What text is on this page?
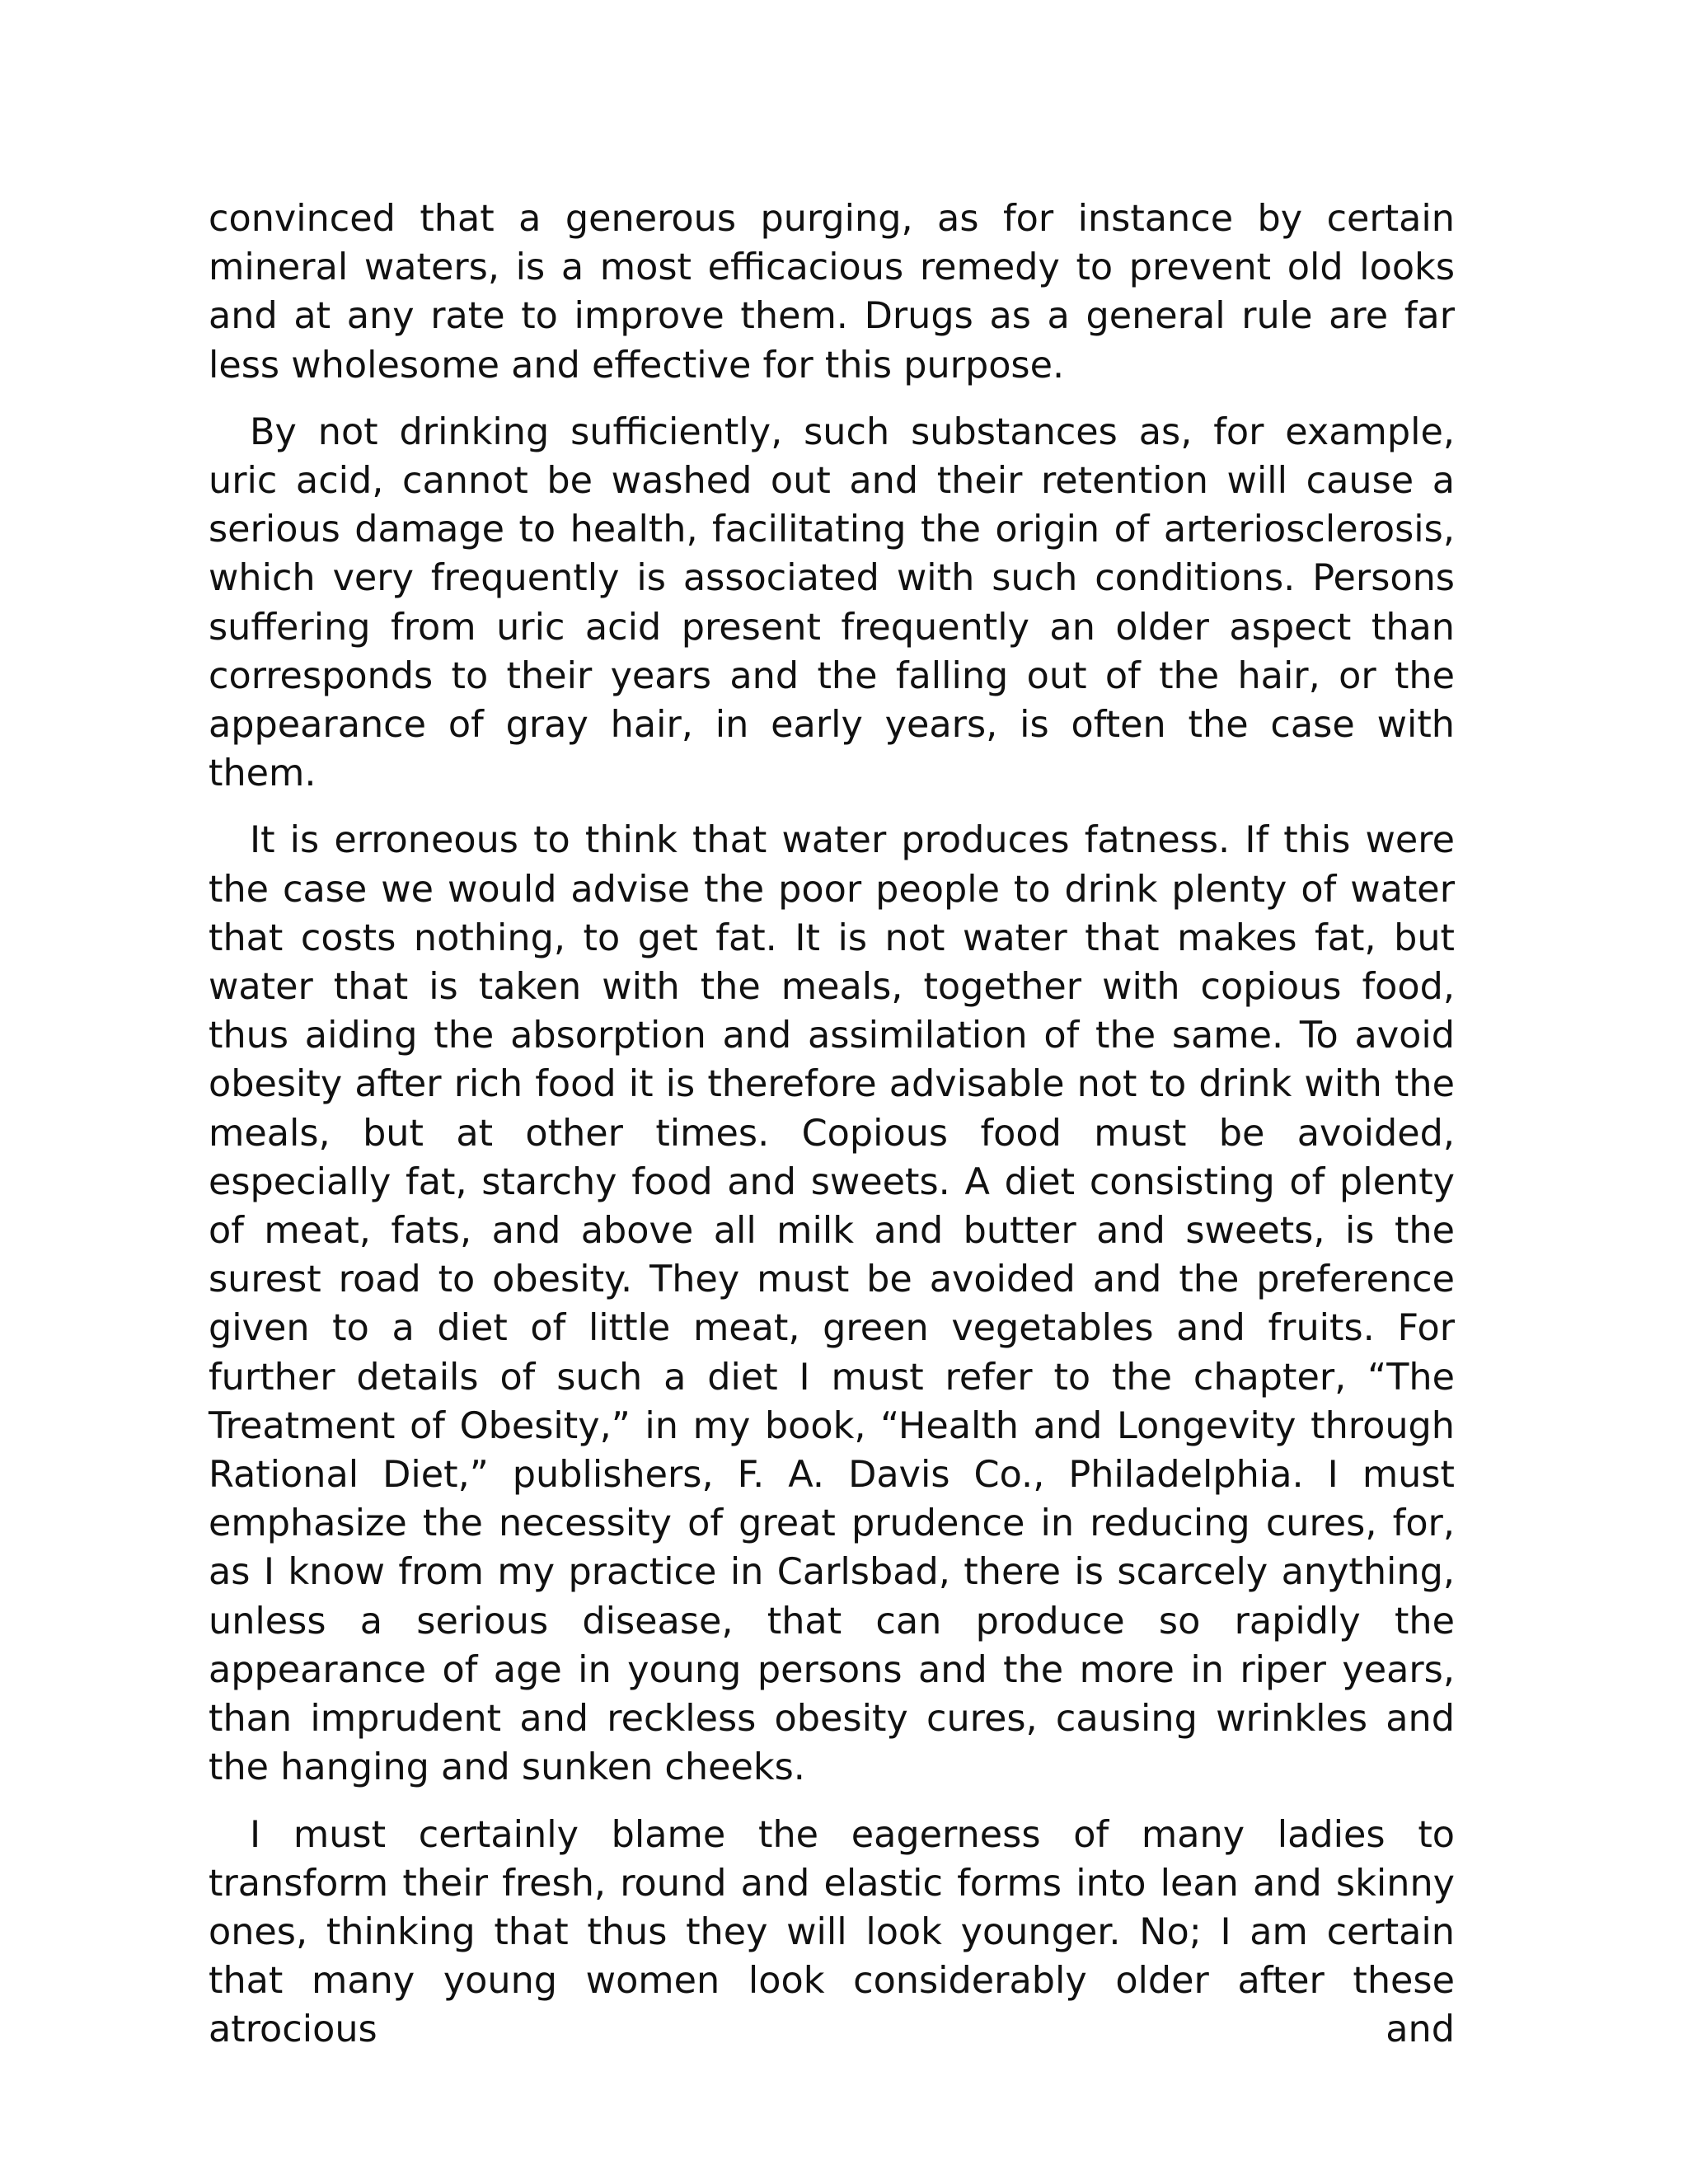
convinced that a generous purging, as for instance by certain mineral waters, is a most efficacious remedy to prevent old looks and at any rate to improve them. Drugs as a general rule are far less wholesome and effective for this purpose.

By not drinking sufficiently, such substances as, for example, uric acid, cannot be washed out and their retention will cause a serious damage to health, facilitating the origin of arteriosclerosis, which very frequently is associated with such conditions. Persons suffering from uric acid present frequently an older aspect than corresponds to their years and the falling out of the hair, or the appearance of gray hair, in early years, is often the case with them.

It is erroneous to think that water produces fatness. If this were the case we would advise the poor people to drink plenty of water that costs nothing, to get fat. It is not water that makes fat, but water that is taken with the meals, together with copious food, thus aiding the absorption and assimilation of the same. To avoid obesity after rich food it is therefore advisable not to drink with the meals, but at other times. Copious food must be avoided, especially fat, starchy food and sweets. A diet consisting of plenty of meat, fats, and above all milk and butter and sweets, is the surest road to obesity. They must be avoided and the preference given to a diet of little meat, green vegetables and fruits. For further details of such a diet I must refer to the chapter, “The Treatment of Obesity,” in my book, “Health and Longevity through Rational Diet,” publishers, F. A. Davis Co., Philadelphia. I must emphasize the necessity of great prudence in reducing cures, for, as I know from my practice in Carlsbad, there is scarcely anything, unless a serious disease, that can produce so rapidly the appearance of age in young persons and the more in riper years, than imprudent and reckless obesity cures, causing wrinkles and the hanging and sunken cheeks.

I must certainly blame the eagerness of many ladies to transform their fresh, round and elastic forms into lean and skinny ones, thinking that thus they will look younger. No; I am certain that many young women look considerably older after these atrocious and
